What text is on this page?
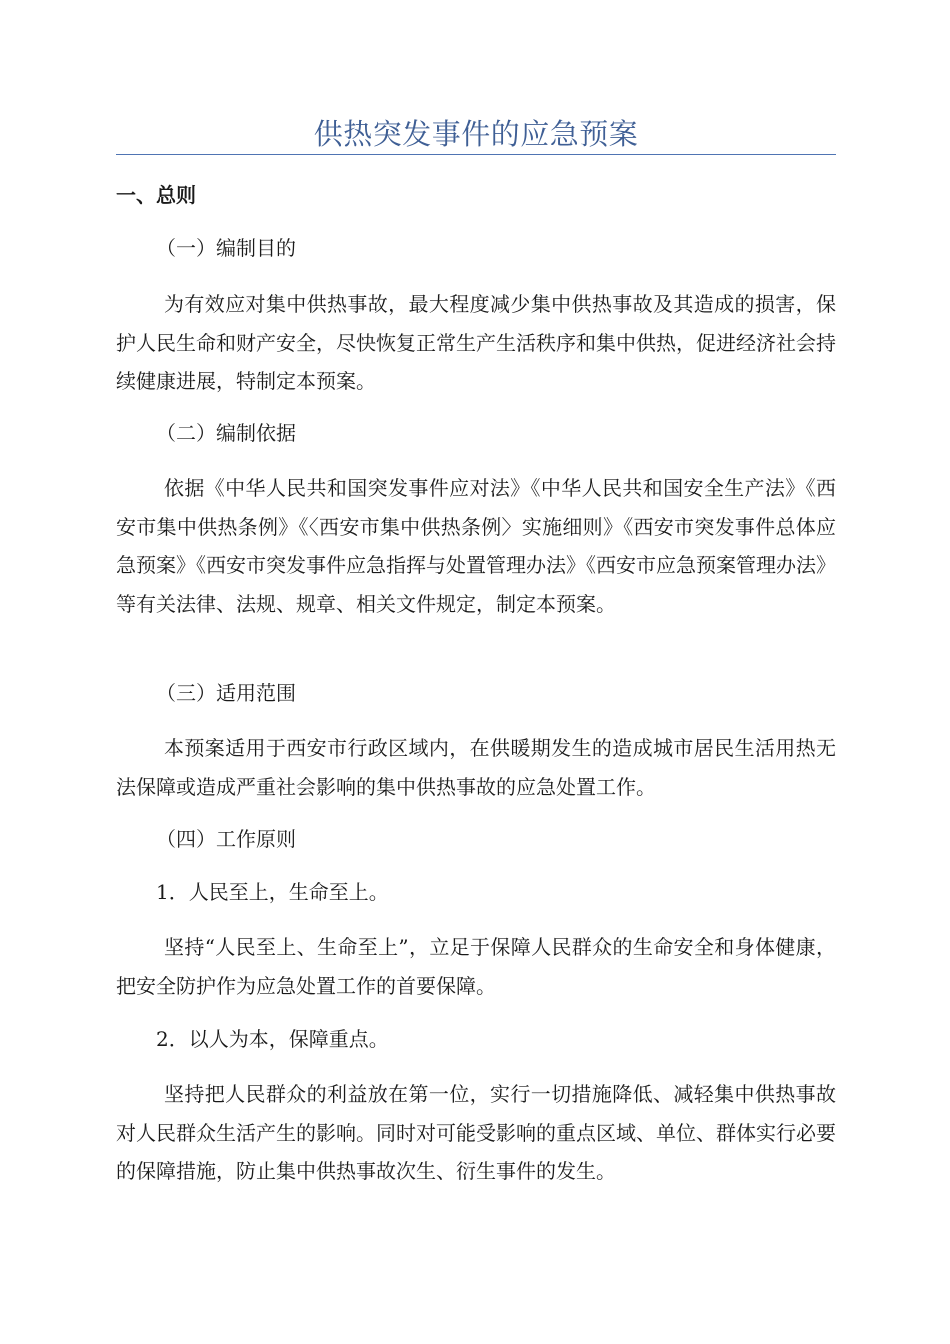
供热突发事件的应急预案
一、总则
（一）编制目的

为有效应对集中供热事故，最大程度减少集中供热事故及其造成的损害，保护人民生命和财产安全，尽快恢复正常生产生活秩序和集中供热，促进经济社会持续健康进展，特制定本预案。

（二）编制依据

依据《中华人民共和国突发事件应对法》《中华人民共和国安全生产法》《西安市集中供热条例》《〈西安市集中供热条例〉实施细则》《西安市突发事件总体应急预案》《西安市突发事件应急指挥与处置管理办法》《西安市应急预案管理办法》等有关法律、法规、规章、相关文件规定，制定本预案。

（三）适用范围

本预案适用于西安市行政区域内，在供暖期发生的造成城市居民生活用热无法保障或造成严重社会影响的集中供热事故的应急处置工作。

（四）工作原则
1．人民至上，生命至上。

坚持“人民至上、生命至上”，立足于保障人民群众的生命安全和身体健康，把安全防护作为应急处置工作的首要保障。

2．以人为本，保障重点。

坚持把人民群众的利益放在第一位，实行一切措施降低、减轻集中供热事故对人民群众生活产生的影响。同时对可能受影响的重点区域、单位、群体实行必要的保障措施，防止集中供热事故次生、衍生事件的发生。
